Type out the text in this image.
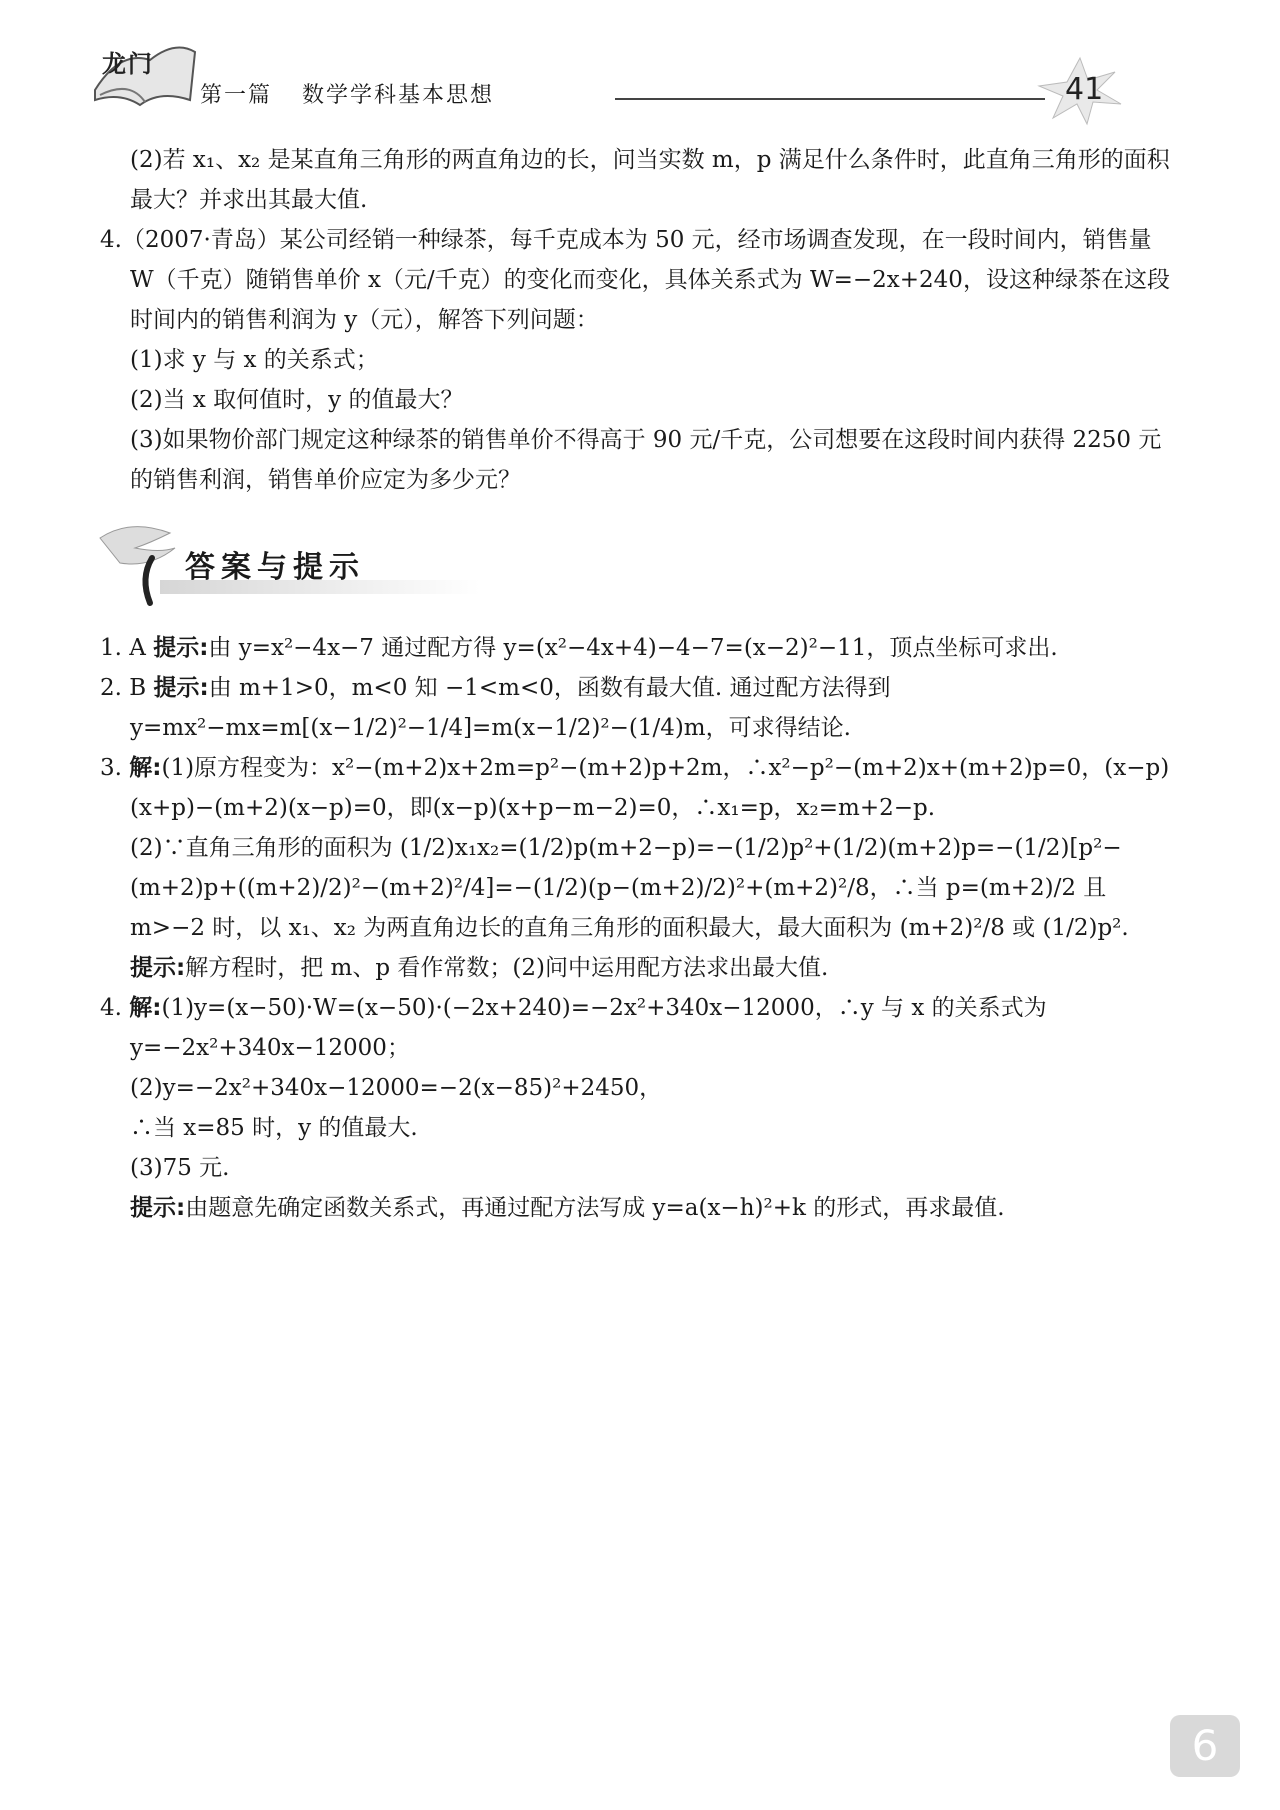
龙门
第一篇 数学学科基本思想	41

(2)若 x₁、x₂ 是某直角三角形的两直角边的长，问当实数 m，p 满足什么条件时，此直角三角形的面积最大？并求出其最大值.

4.（2007·青岛）某公司经销一种绿茶，每千克成本为 50 元，经市场调查发现，在一段时间内，销售量 W（千克）随销售单价 x（元/千克）的变化而变化，具体关系式为 W=−2x+240，设这种绿茶在这段时间内的销售利润为 y（元），解答下列问题：

(1)求 y 与 x 的关系式；

(2)当 x 取何值时，y 的值最大？

(3)如果物价部门规定这种绿茶的销售单价不得高于 90 元/千克，公司想要在这段时间内获得 2250 元的销售利润，销售单价应定为多少元？

答案与提示

1. A 提示:由 y=x²−4x−7 通过配方得 y=(x²−4x+4)−4−7=(x−2)²−11，顶点坐标可求出.

2. B 提示:由 m+1>0，m<0 知 −1<m<0，函数有最大值. 通过配方法得到 y=mx²−mx=m[(x−1/2)²−1/4]=m(x−1/2)²−(1/4)m，可求得结论.

3. 解:(1)原方程变为：x²−(m+2)x+2m=p²−(m+2)p+2m，∴x²−p²−(m+2)x+(m+2)p=0，(x−p)(x+p)−(m+2)(x−p)=0，即(x−p)(x+p−m−2)=0，∴x₁=p，x₂=m+2−p.

(2)∵直角三角形的面积为 (1/2)x₁x₂=(1/2)p(m+2−p)=−(1/2)p²+(1/2)(m+2)p=−(1/2)[p²−(m+2)p+((m+2)/2)²−(m+2)²/4]=−(1/2)(p−(m+2)/2)²+(m+2)²/8，∴当 p=(m+2)/2 且 m>−2 时，以 x₁、x₂ 为两直角边长的直角三角形的面积最大，最大面积为 (m+2)²/8 或 (1/2)p².

提示:解方程时，把 m、p 看作常数；(2)问中运用配方法求出最大值.

4. 解:(1)y=(x−50)·W=(x−50)·(−2x+240)=−2x²+340x−12000，∴y 与 x 的关系式为 y=−2x²+340x−12000；

(2)y=−2x²+340x−12000=−2(x−85)²+2450，

∴当 x=85 时，y 的值最大.

(3)75 元.

提示:由题意先确定函数关系式，再通过配方法写成 y=a(x−h)²+k 的形式，再求最值.

6
